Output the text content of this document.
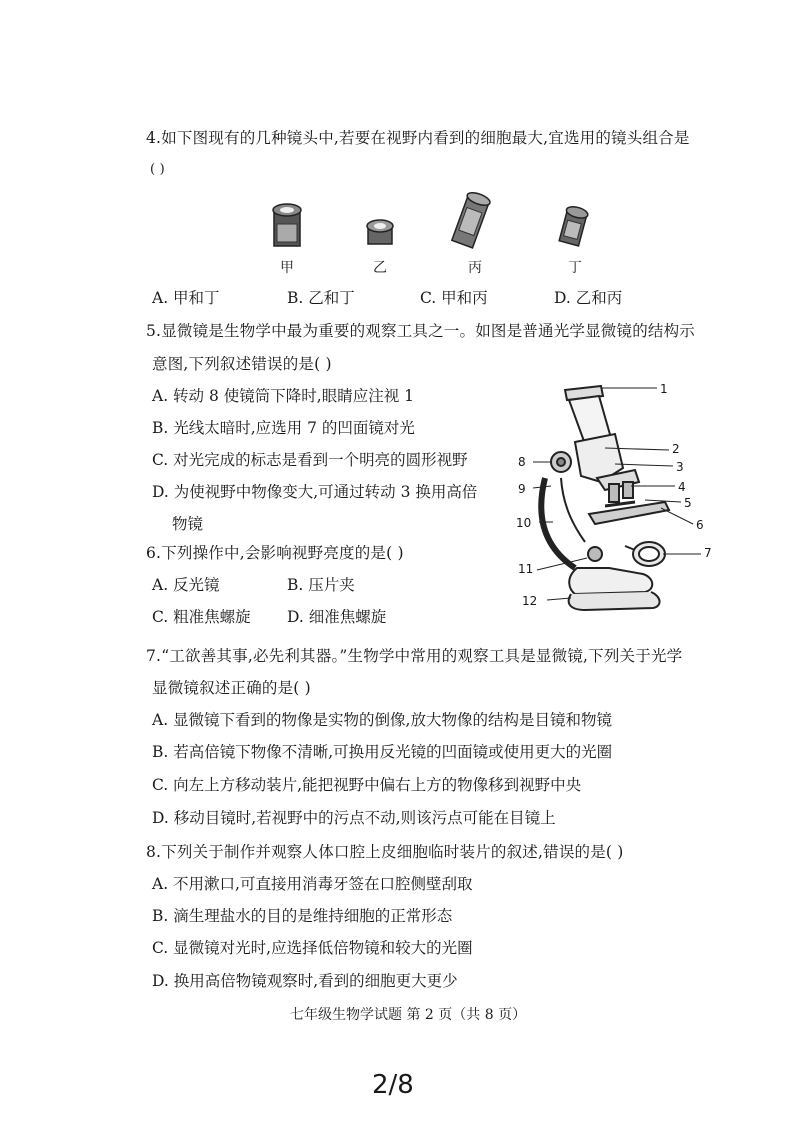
4.如下图现有的几种镜头中,若要在视野内看到的细胞最大,宜选用的镜头组合是
( )
甲	乙	丙	丁
A. 甲和丁	B. 乙和丁	C. 甲和丙	D. 乙和丙
5.显微镜是生物学中最为重要的观察工具之一。如图是普通光学显微镜的结构示
意图,下列叙述错误的是( )
A. 转动 8 使镜筒下降时,眼睛应注视 1
B. 光线太暗时,应选用 7 的凹面镜对光
C. 对光完成的标志是看到一个明亮的圆形视野
D. 为使视野中物像变大,可通过转动 3 换用高倍
物镜
1
2
3
4
5
6
7
8
9
10
11
12
6.下列操作中,会影响视野亮度的是( )
A. 反光镜	B. 压片夹
C. 粗准焦螺旋 D. 细准焦螺旋
7.“工欲善其事,必先利其器。”生物学中常用的观察工具是显微镜,下列关于光学
显微镜叙述正确的是( )
A. 显微镜下看到的物像是实物的倒像,放大物像的结构是目镜和物镜
B. 若高倍镜下物像不清晰,可换用反光镜的凹面镜或使用更大的光圈
C. 向左上方移动装片,能把视野中偏右上方的物像移到视野中央
D. 移动目镜时,若视野中的污点不动,则该污点可能在目镜上
8.下列关于制作并观察人体口腔上皮细胞临时装片的叙述,错误的是( )
A. 不用漱口,可直接用消毒牙签在口腔侧壁刮取
B. 滴生理盐水的目的是维持细胞的正常形态
C. 显微镜对光时,应选择低倍物镜和较大的光圈
D. 换用高倍物镜观察时,看到的细胞更大更少
七年级生物学试题 第 2 页（共 8 页）
2/8
